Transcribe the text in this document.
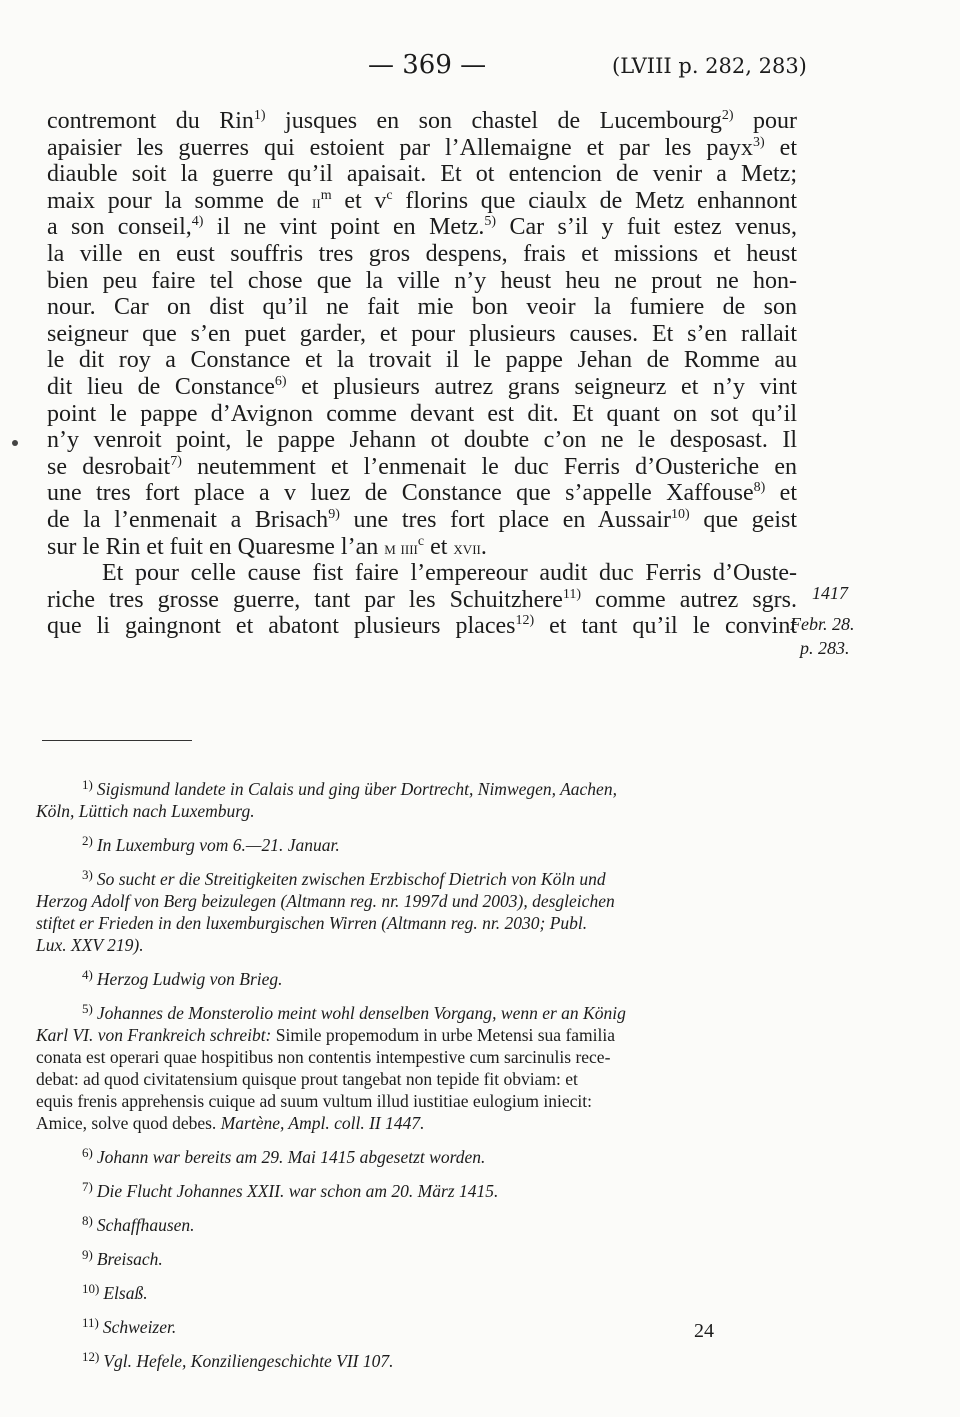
— 369 —	(LVIII p. 282, 283)
contremont du Rin$^{1)}$ jusques en son chastel de Lucembourg$^{2)}$ pour
apaisier les guerres qui estoient par l’Allemaigne et par les payx$^{3)}$ et
diauble soit la guerre qu’il apaisait. Et ot entencion de venir a Metz;
maix pour la somme de $ii^m$ et $v^c$ florins que ciaulx de Metz enhannont
a son conseil,$^{4)}$ il ne vint point en Metz.$^{5)}$ Car s’il y fuit estez venus,
la ville en eust souffris tres gros despens, frais et missions et heust
bien peu faire tel chose que la ville n’y heust heu ne prout ne hon-
nour. Car on dist qu’il ne fait mie bon veoir la fumiere de son
seigneur que s’en puet garder, et pour plusieurs causes. Et s’en rallait
le dit roy a Constance et la trovait il le pappe Jehan de Romme au
dit lieu de Constance$^{6)}$ et plusieurs autrez grans seigneurz et n’y vint
point le pappe d’Avignon comme devant est dit. Et quant on sot qu’il
n’y venroit point, le pappe Jehann ot doubte c’on ne le desposast. Il
se desrobait$^{7)}$ neutemment et l’enmenait le duc Ferris d’Ousteriche en
une tres fort place a v luez de Constance que s’appelle Xaffouse$^{8)}$ et
de la l’enmenait a Brisach$^{9)}$ une tres fort place en Aussair$^{10)}$ que geist
sur le Rin et fuit en Quaresme l’an m iiii$^c$ et xvii.
Et pour celle cause fist faire l’empereour audit duc Ferris d’Ouste-
riche tres grosse guerre, tant par les Schuitzhere$^{11)}$ comme autrez sgrs.
que li gaingnont et abatont plusieurs places$^{12)}$ et tant qu’il le convint
1417
Febr. 28.
p. 283.
$^{1)}$ Sigismund landete in Calais und ging über Dortrecht, Nimwegen, Aachen,
Köln, Lüttich nach Luxemburg.
$^{2)}$ In Luxemburg vom 6.—21. Januar.
$^{3)}$ So sucht er die Streitigkeiten zwischen Erzbischof Dietrich von Köln und
Herzog Adolf von Berg beizulegen (Altmann reg. nr. 1997d und 2003), desgleichen
stiftet er Frieden in den luxemburgischen Wirren (Altmann reg. nr. 2030; Publ.
Lux. XXV 219).
$^{4)}$ Herzog Ludwig von Brieg.
$^{5)}$ Johannes de Monsterolio meint wohl denselben Vorgang, wenn er an König
Karl VI. von Frankreich schreibt: Simile propemodum in urbe Metensi sua familia
conata est operari quae hospitibus non contentis intempestive cum sarcinulis rece-
debat: ad quod civitatensium quisque prout tangebat non tepide fit obviam: et
equis frenis apprehensis cuique ad suum vultum illud iustitiae eulogium iniecit:
Amice, solve quod debes. Martène, Ampl. coll. II 1447.
$^{6)}$ Johann war bereits am 29. Mai 1415 abgesetzt worden.
$^{7)}$ Die Flucht Johannes XXII. war schon am 20. März 1415.
$^{8)}$ Schaffhausen.
$^{9)}$ Breisach.
$^{10)}$ Elsaß.
$^{11)}$ Schweizer.
$^{12)}$ Vgl. Hefele, Konziliengeschichte VII 107.
24
